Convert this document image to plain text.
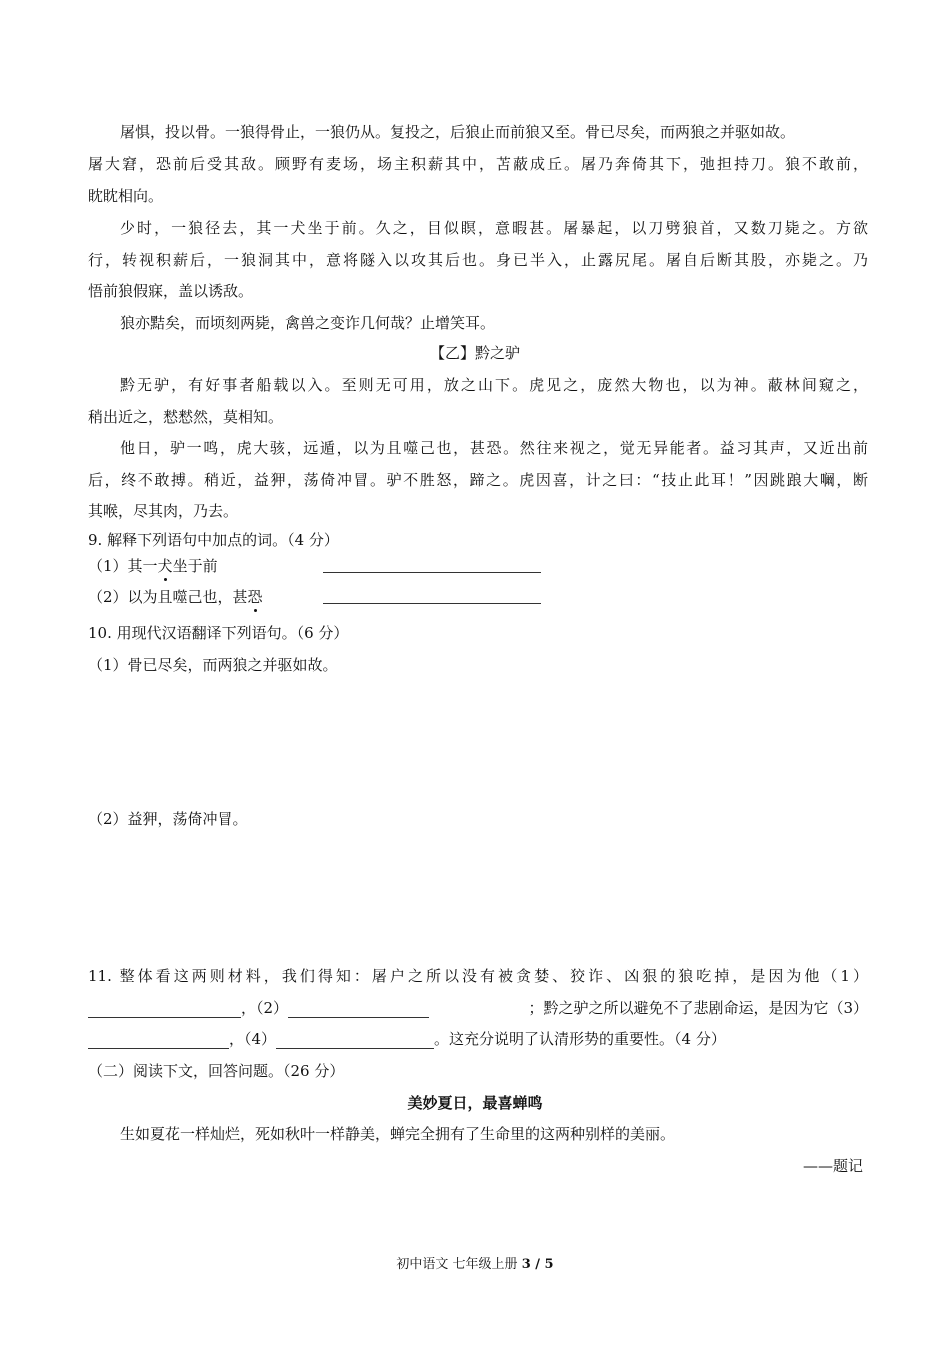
屠惧，投以骨。一狼得骨止，一狼仍从。复投之，后狼止而前狼又至。骨已尽矣，而两狼之并驱如故。
屠大窘，恐前后受其敌。顾野有麦场，场主积薪其中，苫蔽成丘。屠乃奔倚其下，弛担持刀。狼不敢前，
眈眈相向。
少时，一狼径去，其一犬坐于前。久之，目似瞑，意暇甚。屠暴起，以刀劈狼首，又数刀毙之。方欲
行，转视积薪后，一狼洞其中，意将隧入以攻其后也。身已半入，止露尻尾。屠自后断其股，亦毙之。乃
悟前狼假寐，盖以诱敌。
狼亦黠矣，而顷刻两毙，禽兽之变诈几何哉？止增笑耳。
【乙】黔之驴
黔无驴，有好事者船载以入。至则无可用，放之山下。虎见之，庞然大物也，以为神。蔽林间窥之，
稍出近之，慭慭然，莫相知。
他日，驴一鸣，虎大骇，远遁，以为且噬己也，甚恐。然往来视之，觉无异能者。益习其声，又近出前
后，终不敢搏。稍近，益狎，荡倚冲冒。驴不胜怒，蹄之。虎因喜，计之曰：“技止此耳！”因跳踉大㘎，断
其喉，尽其肉，乃去。
9. 解释下列语句中加点的词。（4 分）
（1）其一犬坐于前
（2）以为且噬己也，甚恐
10. 用现代汉语翻译下列语句。（6 分）
（1）骨已尽矣，而两狼之并驱如故。
（2）益狎，荡倚冲冒。
11. 整体看这两则材料，我们得知：屠户之所以没有被贪婪、狡诈、凶狠的狼吃掉，是因为他（1）
，（2）	；黔之驴之所以避免不了悲剧命运，是因为它（3）
，（4）	。这充分说明了认清形势的重要性。（4 分）
（二）阅读下文，回答问题。（26 分）
美妙夏日，最喜蝉鸣
生如夏花一样灿烂，死如秋叶一样静美，蝉完全拥有了生命里的这两种别样的美丽。
——题记
初中语文 七年级上册 3 / 5
